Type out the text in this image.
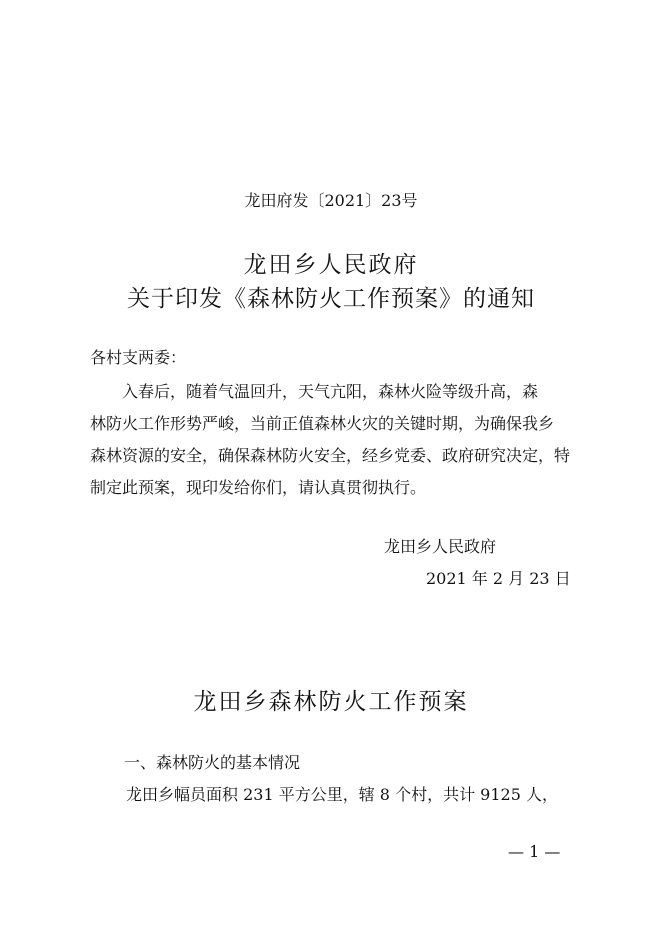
龙田府发〔2021〕23号
龙田乡人民政府
关于印发《森林防火工作预案》的通知
各村支两委：
　　入春后，随着气温回升，天气亢阳，森林火险等级升高，森
林防火工作形势严峻，当前正值森林火灾的关键时期，为确保我乡
森林资源的安全，确保森林防火安全，经乡党委、政府研究决定，特
制定此预案，现印发给你们，请认真贯彻执行。
龙田乡人民政府
2021 年 2 月 23 日
龙田乡森林防火工作预案
一、森林防火的基本情况
龙田乡幅员面积 231 平方公里，辖 8 个村，共计 9125 人，
— 1 —
